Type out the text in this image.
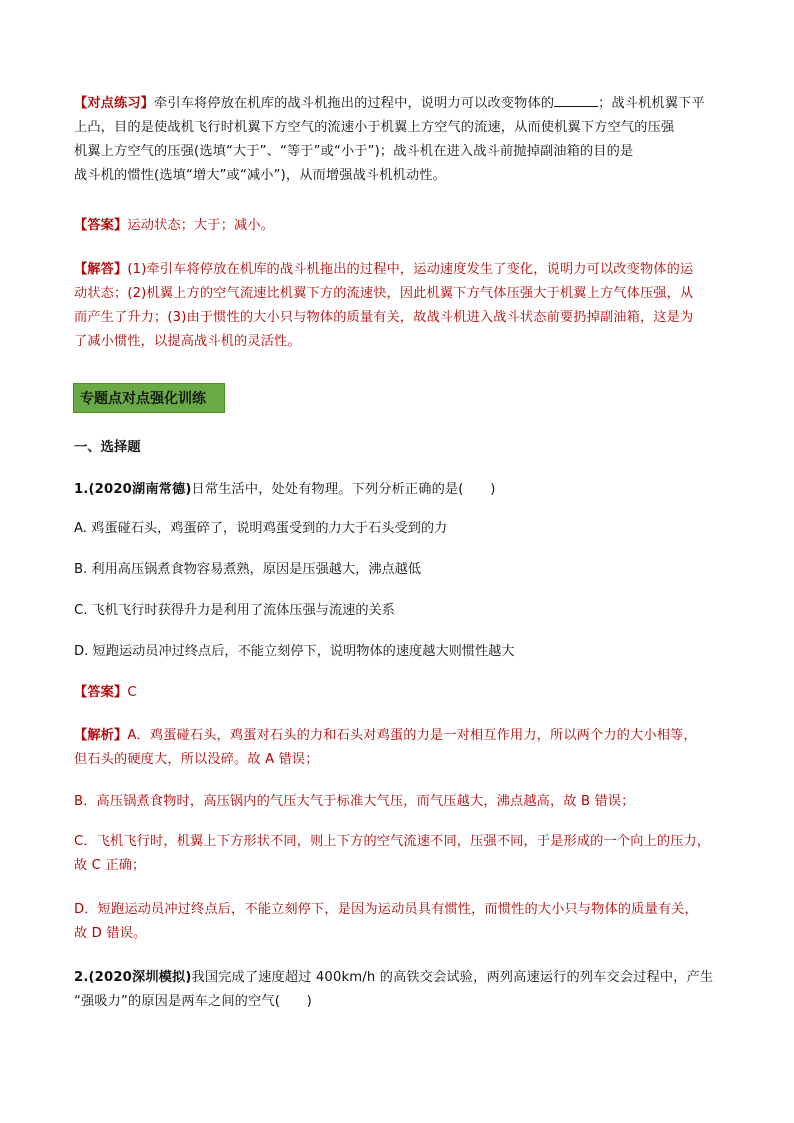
【对点练习】牵引车将停放在机库的战斗机拖出的过程中，说明力可以改变物体的	；战斗机机翼下平
上凸，目的是使战机飞行时机翼下方空气的流速小于机翼上方空气的流速，从而使机翼下方空气的压强
机翼上方空气的压强(选填“大于”、“等于”或“小于”)；战斗机在进入战斗前抛掉副油箱的目的是
战斗机的惯性(选填“增大”或“减小”)，从而增强战斗机机动性。
【答案】运动状态；大于；减小。
【解答】(1)牵引车将停放在机库的战斗机拖出的过程中，运动速度发生了变化，说明力可以改变物体的运
动状态；(2)机翼上方的空气流速比机翼下方的流速快，因此机翼下方气体压强大于机翼上方气体压强，从
而产生了升力；(3)由于惯性的大小只与物体的质量有关，故战斗机进入战斗状态前要扔掉副油箱，这是为
了减小惯性，以提高战斗机的灵活性。
专题点对点强化训练
一、选择题
1.(2020湖南常德)日常生活中，处处有物理。下列分析正确的是(　　)
A. 鸡蛋碰石头，鸡蛋碎了，说明鸡蛋受到的力大于石头受到的力
B. 利用高压锅煮食物容易煮熟，原因是压强越大，沸点越低
C. 飞机飞行时获得升力是利用了流体压强与流速的关系
D. 短跑运动员冲过终点后，不能立刻停下，说明物体的速度越大则惯性越大
【答案】C
【解析】A．鸡蛋碰石头，鸡蛋对石头的力和石头对鸡蛋的力是一对相互作用力，所以两个力的大小相等，
但石头的硬度大，所以没碎。故 A 错误；
B．高压锅煮食物时，高压锅内的气压大气于标准大气压，而气压越大，沸点越高，故 B 错误；
C．飞机飞行时，机翼上下方形状不同，则上下方的空气流速不同，压强不同，于是形成的一个向上的压力，
故 C 正确；
D．短跑运动员冲过终点后，不能立刻停下，是因为运动员具有惯性，而惯性的大小只与物体的质量有关，
故 D 错误。
2.(2020深圳模拟)我国完成了速度超过 400km/h 的高铁交会试验，两列高速运行的列车交会过程中，产生
“强吸力”的原因是两车之间的空气(　　)
